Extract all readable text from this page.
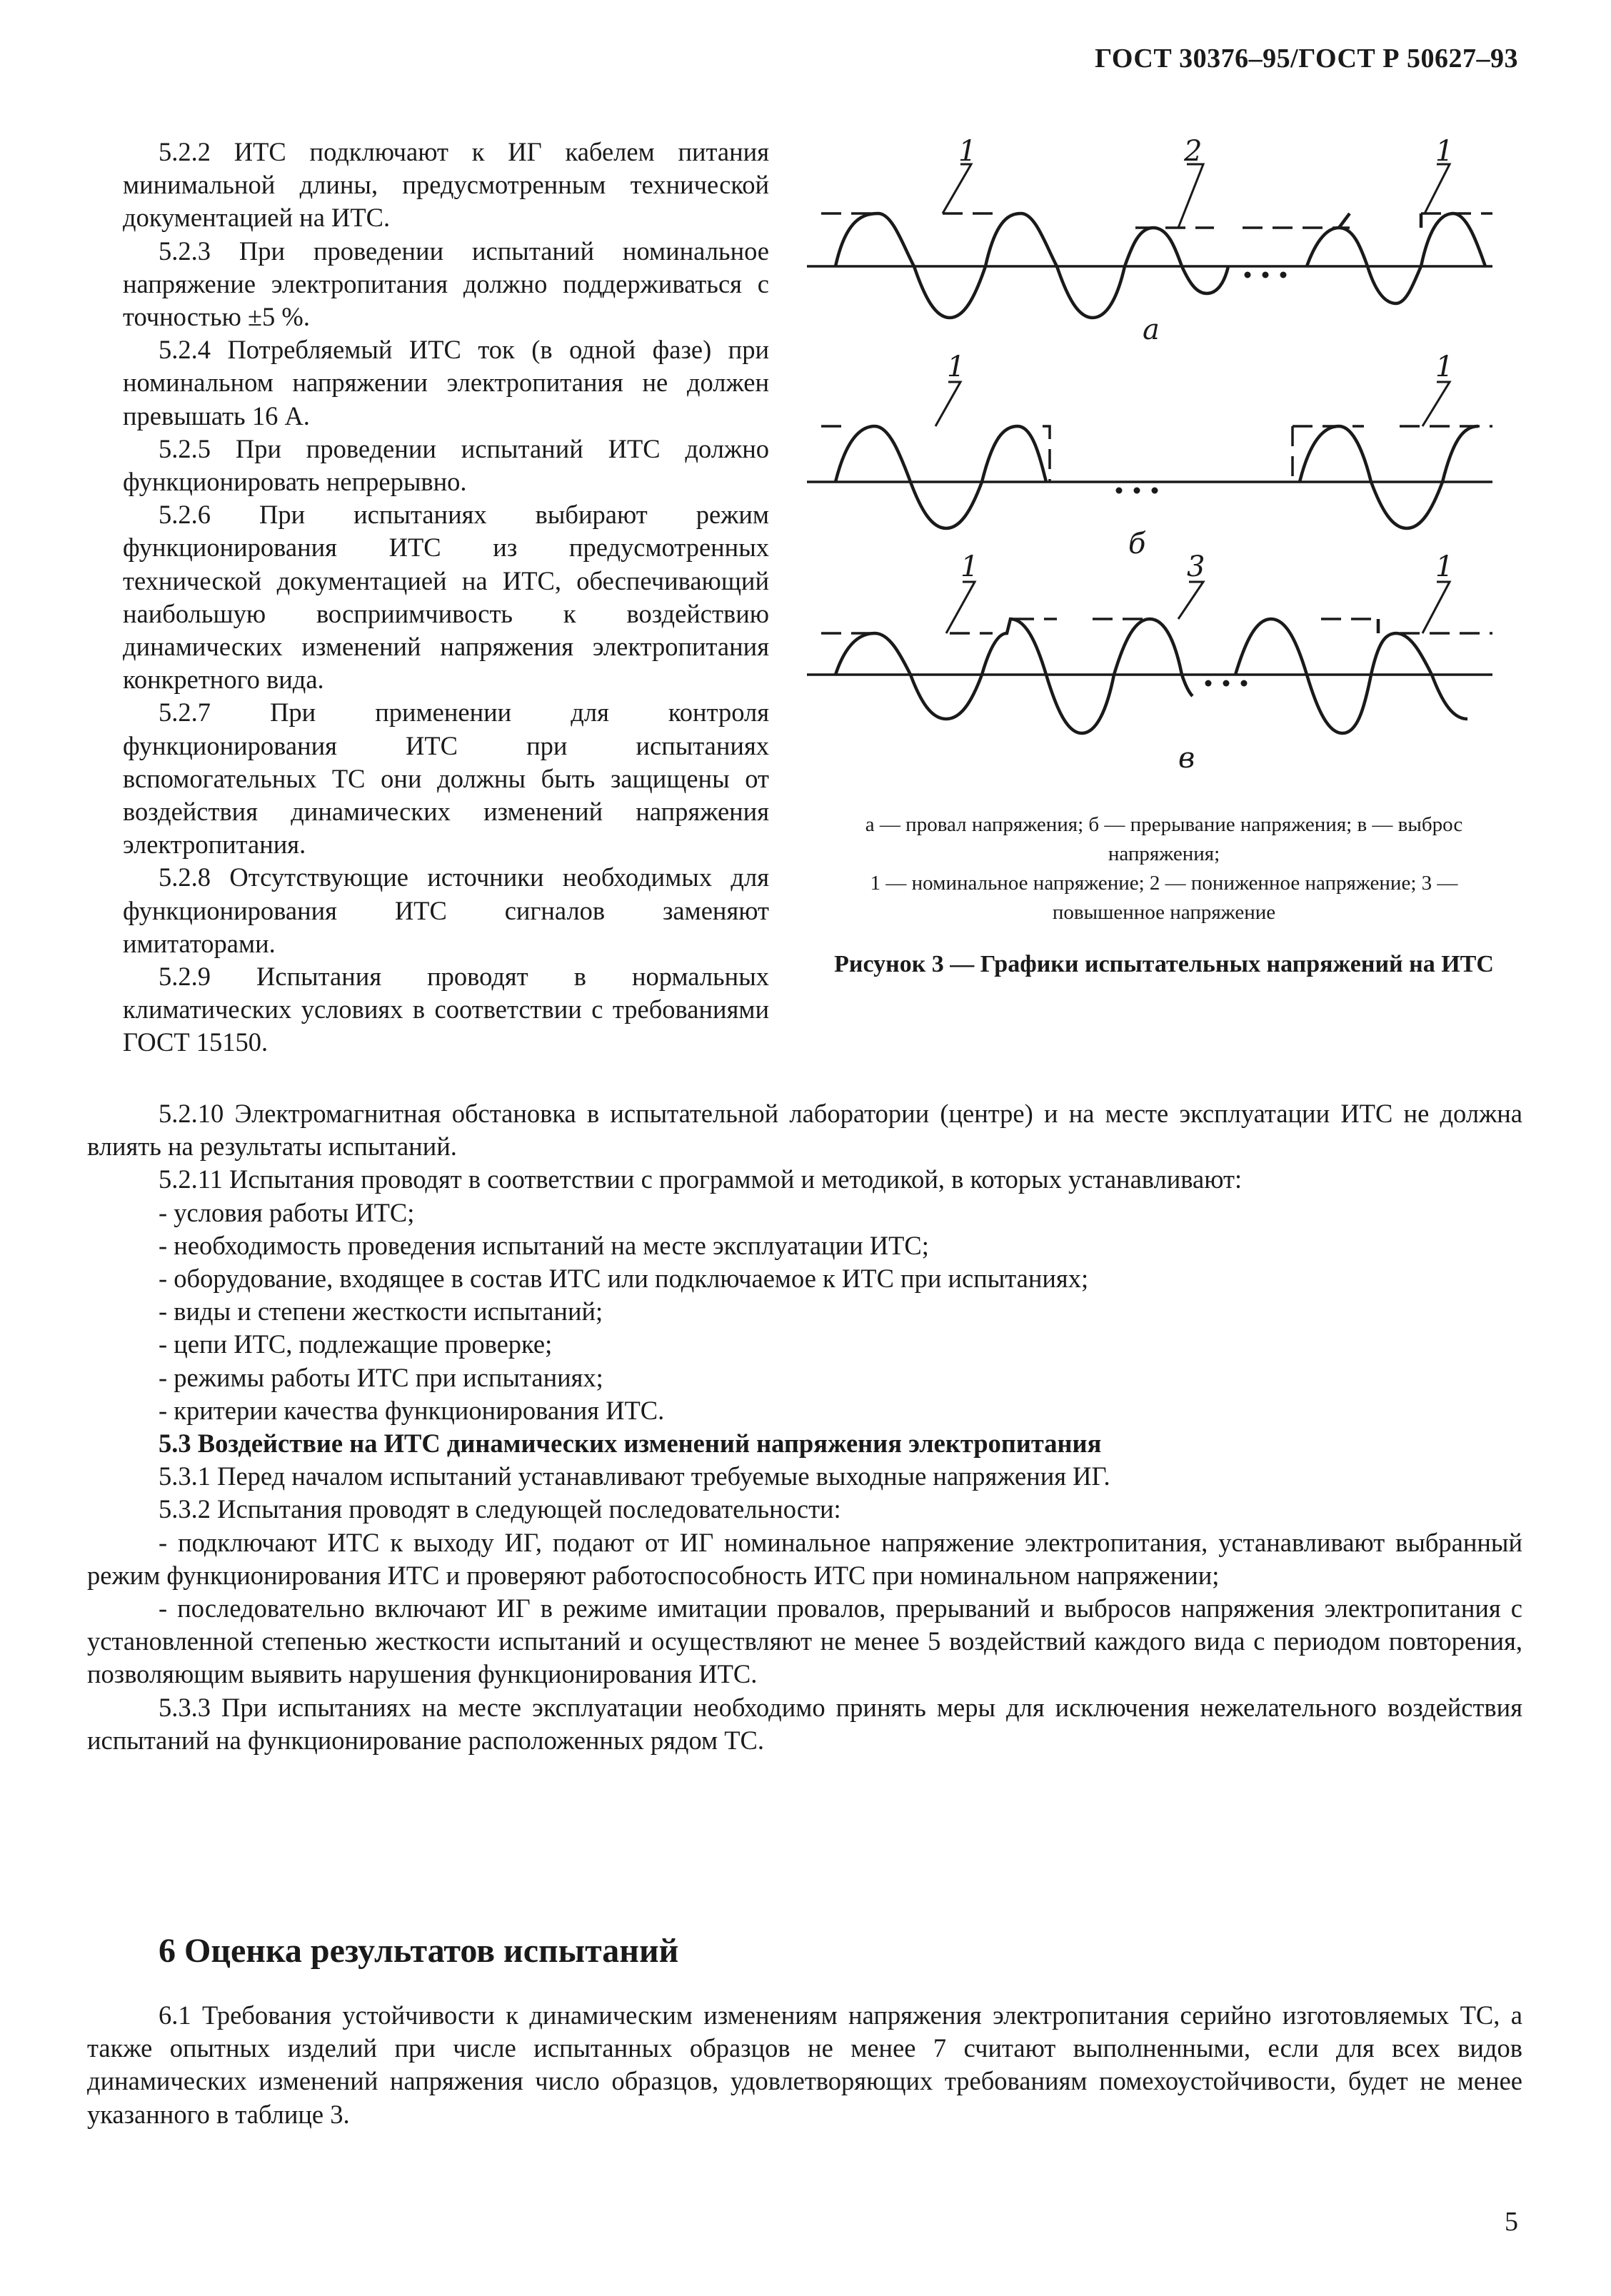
ГОСТ 30376–95/ГОСТ Р 50627–93

5.2.2 ИТС подключают к ИГ кабелем питания минимальной длины, предусмотренным технической документацией на ИТС.

5.2.3 При проведении испытаний номинальное напряжение электропитания должно поддерживаться с точностью ±5 %.

5.2.4 Потребляемый ИТС ток (в одной фазе) при номинальном напряжении электропитания не должен превышать 16 А.

5.2.5 При проведении испытаний ИТС должно функционировать непрерывно.

5.2.6 При испытаниях выбирают режим функционирования ИТС из предусмотренных технической документацией на ИТС, обеспечивающий наибольшую восприимчивость к воздействию динамических изменений напряжения электропитания конкретного вида.

5.2.7 При применении для контроля функционирования ИТС при испытаниях вспомогательных ТС они должны быть защищены от воздействия динамических изменений напряжения электропитания.

5.2.8 Отсутствующие источники необходимых для функционирования ИТС сигналов заменяют имитаторами.

5.2.9 Испытания проводят в нормальных климатических условиях в соответствии с требованиями ГОСТ 15150.

1	2	1
а
1	1
б
1	3	1
в

а — провал напряжения; б — прерывание напряжения; в — выброс напряжения;

1 — номинальное напряжение; 2 — пониженное напряжение; 3 — повышенное напряжение

Рисунок 3 — Графики испытательных напряжений на ИТС

5.2.10 Электромагнитная обстановка в испытательной лаборатории (центре) и на месте эксплуатации ИТС не должна влиять на результаты испытаний.

5.2.11 Испытания проводят в соответствии с программой и методикой, в которых устанавливают:

- условия работы ИТС;

- необходимость проведения испытаний на месте эксплуатации ИТС;

- оборудование, входящее в состав ИТС или подключаемое к ИТС при испытаниях;

- виды и степени жесткости испытаний;

- цепи ИТС, подлежащие проверке;

- режимы работы ИТС при испытаниях;

- критерии качества функционирования ИТС.

5.3 Воздействие на ИТС динамических изменений напряжения электропитания

5.3.1 Перед началом испытаний устанавливают требуемые выходные напряжения ИГ.

5.3.2 Испытания проводят в следующей последовательности:

- подключают ИТС к выходу ИГ, подают от ИГ номинальное напряжение электропитания, устанавливают выбранный режим функционирования ИТС и проверяют работоспособность ИТС при номинальном напряжении;

- последовательно включают ИГ в режиме имитации провалов, прерываний и выбросов напряжения электропитания с установленной степенью жесткости испытаний и осуществляют не менее 5 воздействий каждого вида с периодом повторения, позволяющим выявить нарушения функционирования ИТС.

5.3.3 При испытаниях на месте эксплуатации необходимо принять меры для исключения нежелательного воздействия испытаний на функционирование расположенных рядом ТС.

6 Оценка результатов испытаний

6.1 Требования устойчивости к динамическим изменениям напряжения электропитания серийно изготовляемых ТС, а также опытных изделий при числе испытанных образцов не менее 7 считают выполненными, если для всех видов динамических изменений напряжения число образцов, удовлетворяющих требованиям помехоустойчивости, будет не менее указанного в таблице 3.

5
